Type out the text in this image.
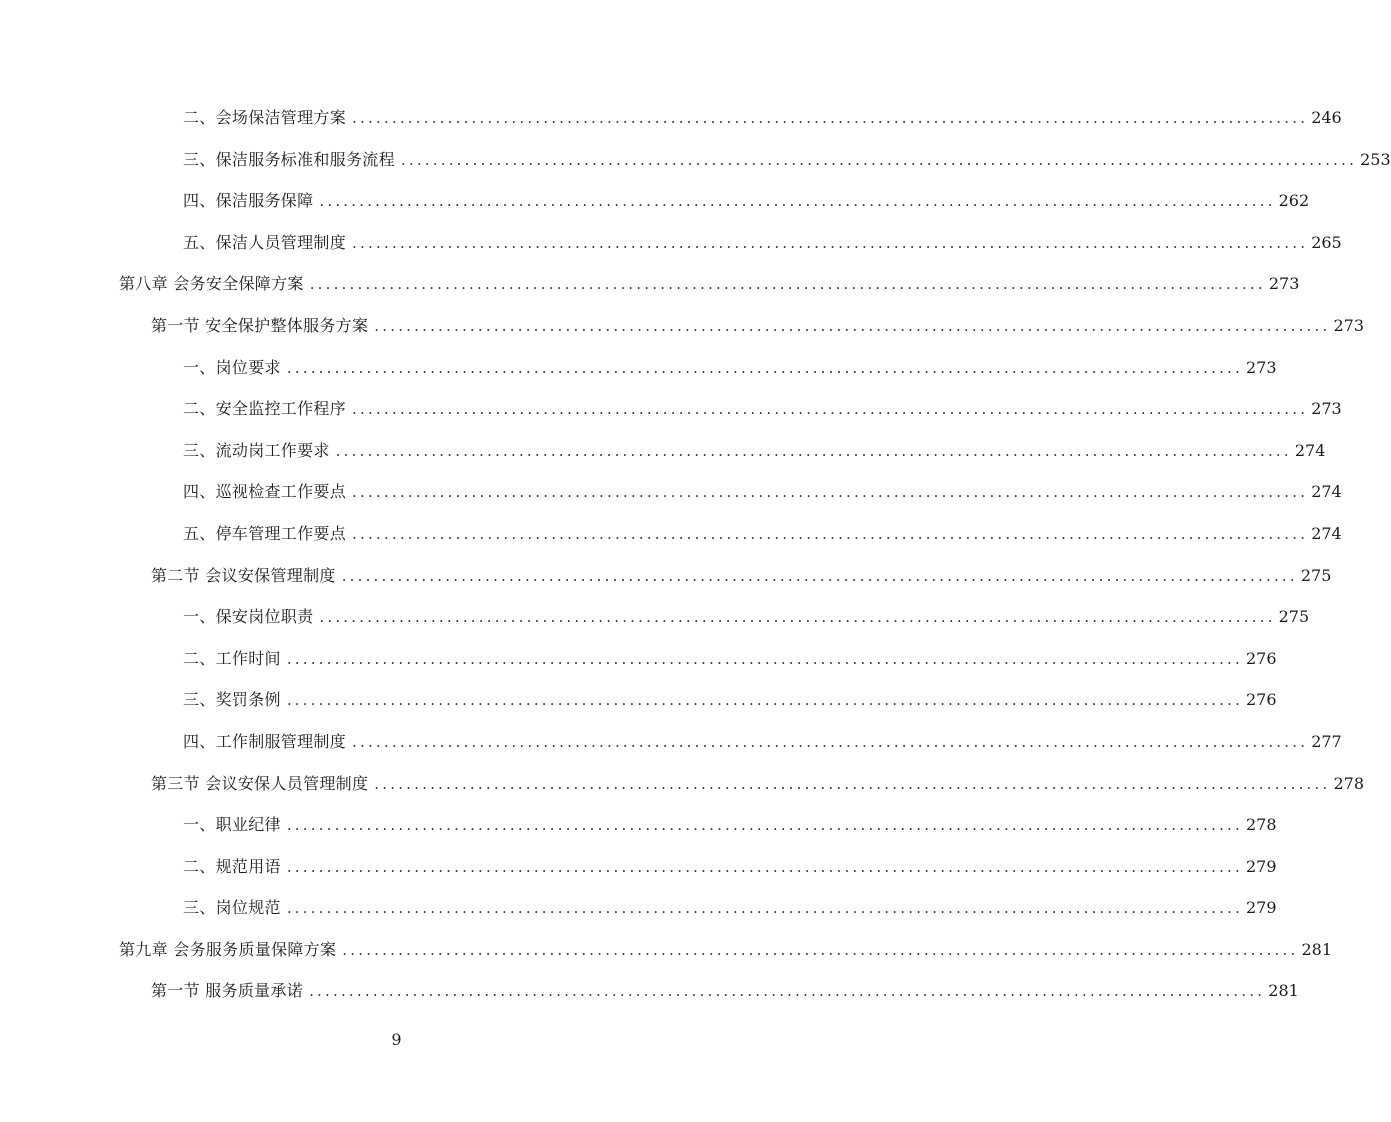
二、会场保洁管理方案 ........................................................................................................................ 246
三、保洁服务标准和服务流程 ........................................................................................................................ 253
四、保洁服务保障 ........................................................................................................................ 262
五、保洁人员管理制度 ........................................................................................................................ 265
第八章 会务安全保障方案 ........................................................................................................................ 273
第一节 安全保护整体服务方案 ........................................................................................................................ 273
一、岗位要求 ........................................................................................................................ 273
二、安全监控工作程序 ........................................................................................................................ 273
三、流动岗工作要求 ........................................................................................................................ 274
四、巡视检查工作要点 ........................................................................................................................ 274
五、停车管理工作要点 ........................................................................................................................ 274
第二节 会议安保管理制度 ........................................................................................................................ 275
一、保安岗位职责 ........................................................................................................................ 275
二、工作时间 ........................................................................................................................ 276
三、奖罚条例 ........................................................................................................................ 276
四、工作制服管理制度 ........................................................................................................................ 277
第三节 会议安保人员管理制度 ........................................................................................................................ 278
一、职业纪律 ........................................................................................................................ 278
二、规范用语 ........................................................................................................................ 279
三、岗位规范 ........................................................................................................................ 279
第九章 会务服务质量保障方案 ........................................................................................................................ 281
第一节 服务质量承诺 ........................................................................................................................ 281
9
